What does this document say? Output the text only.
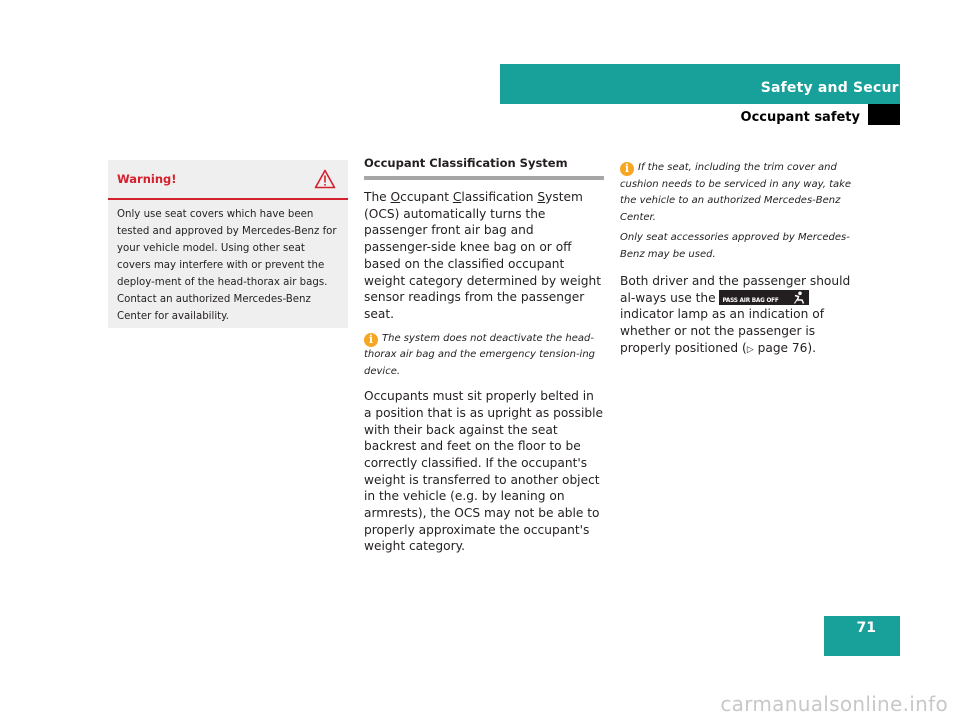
Safety and Security
Occupant safety
Warning!
Only use seat covers which have been tested and approved by Mercedes-Benz for your vehicle model. Using other seat covers may interfere with or prevent the deploy-ment of the head-thorax air bags. Contact an authorized Mercedes-Benz Center for availability.
Occupant Classification System

The Occupant Classification System (OCS) automatically turns the passenger front air bag and passenger-side knee bag on or off based on the classified occupant weight category determined by weight sensor readings from the passenger seat.

i The system does not deactivate the head-thorax air bag and the emergency tension-ing device.

Occupants must sit properly belted in a position that is as upright as possible with their back against the seat backrest and feet on the floor to be correctly classified. If the occupant's weight is transferred to another object in the vehicle (e.g. by leaning on armrests), the OCS may not be able to properly approximate the occupant's weight category.

i If the seat, including the trim cover and cushion needs to be serviced in any way, take the vehicle to an authorized Mercedes-Benz Center.

Only seat accessories approved by Mercedes-Benz may be used.

Both driver and the passenger should al-ways use the PASS AIR BAG OFF
indicator lamp as an indication of whether or not the passenger is properly positioned (▷ page 76).

71
carmanualsonline.info
